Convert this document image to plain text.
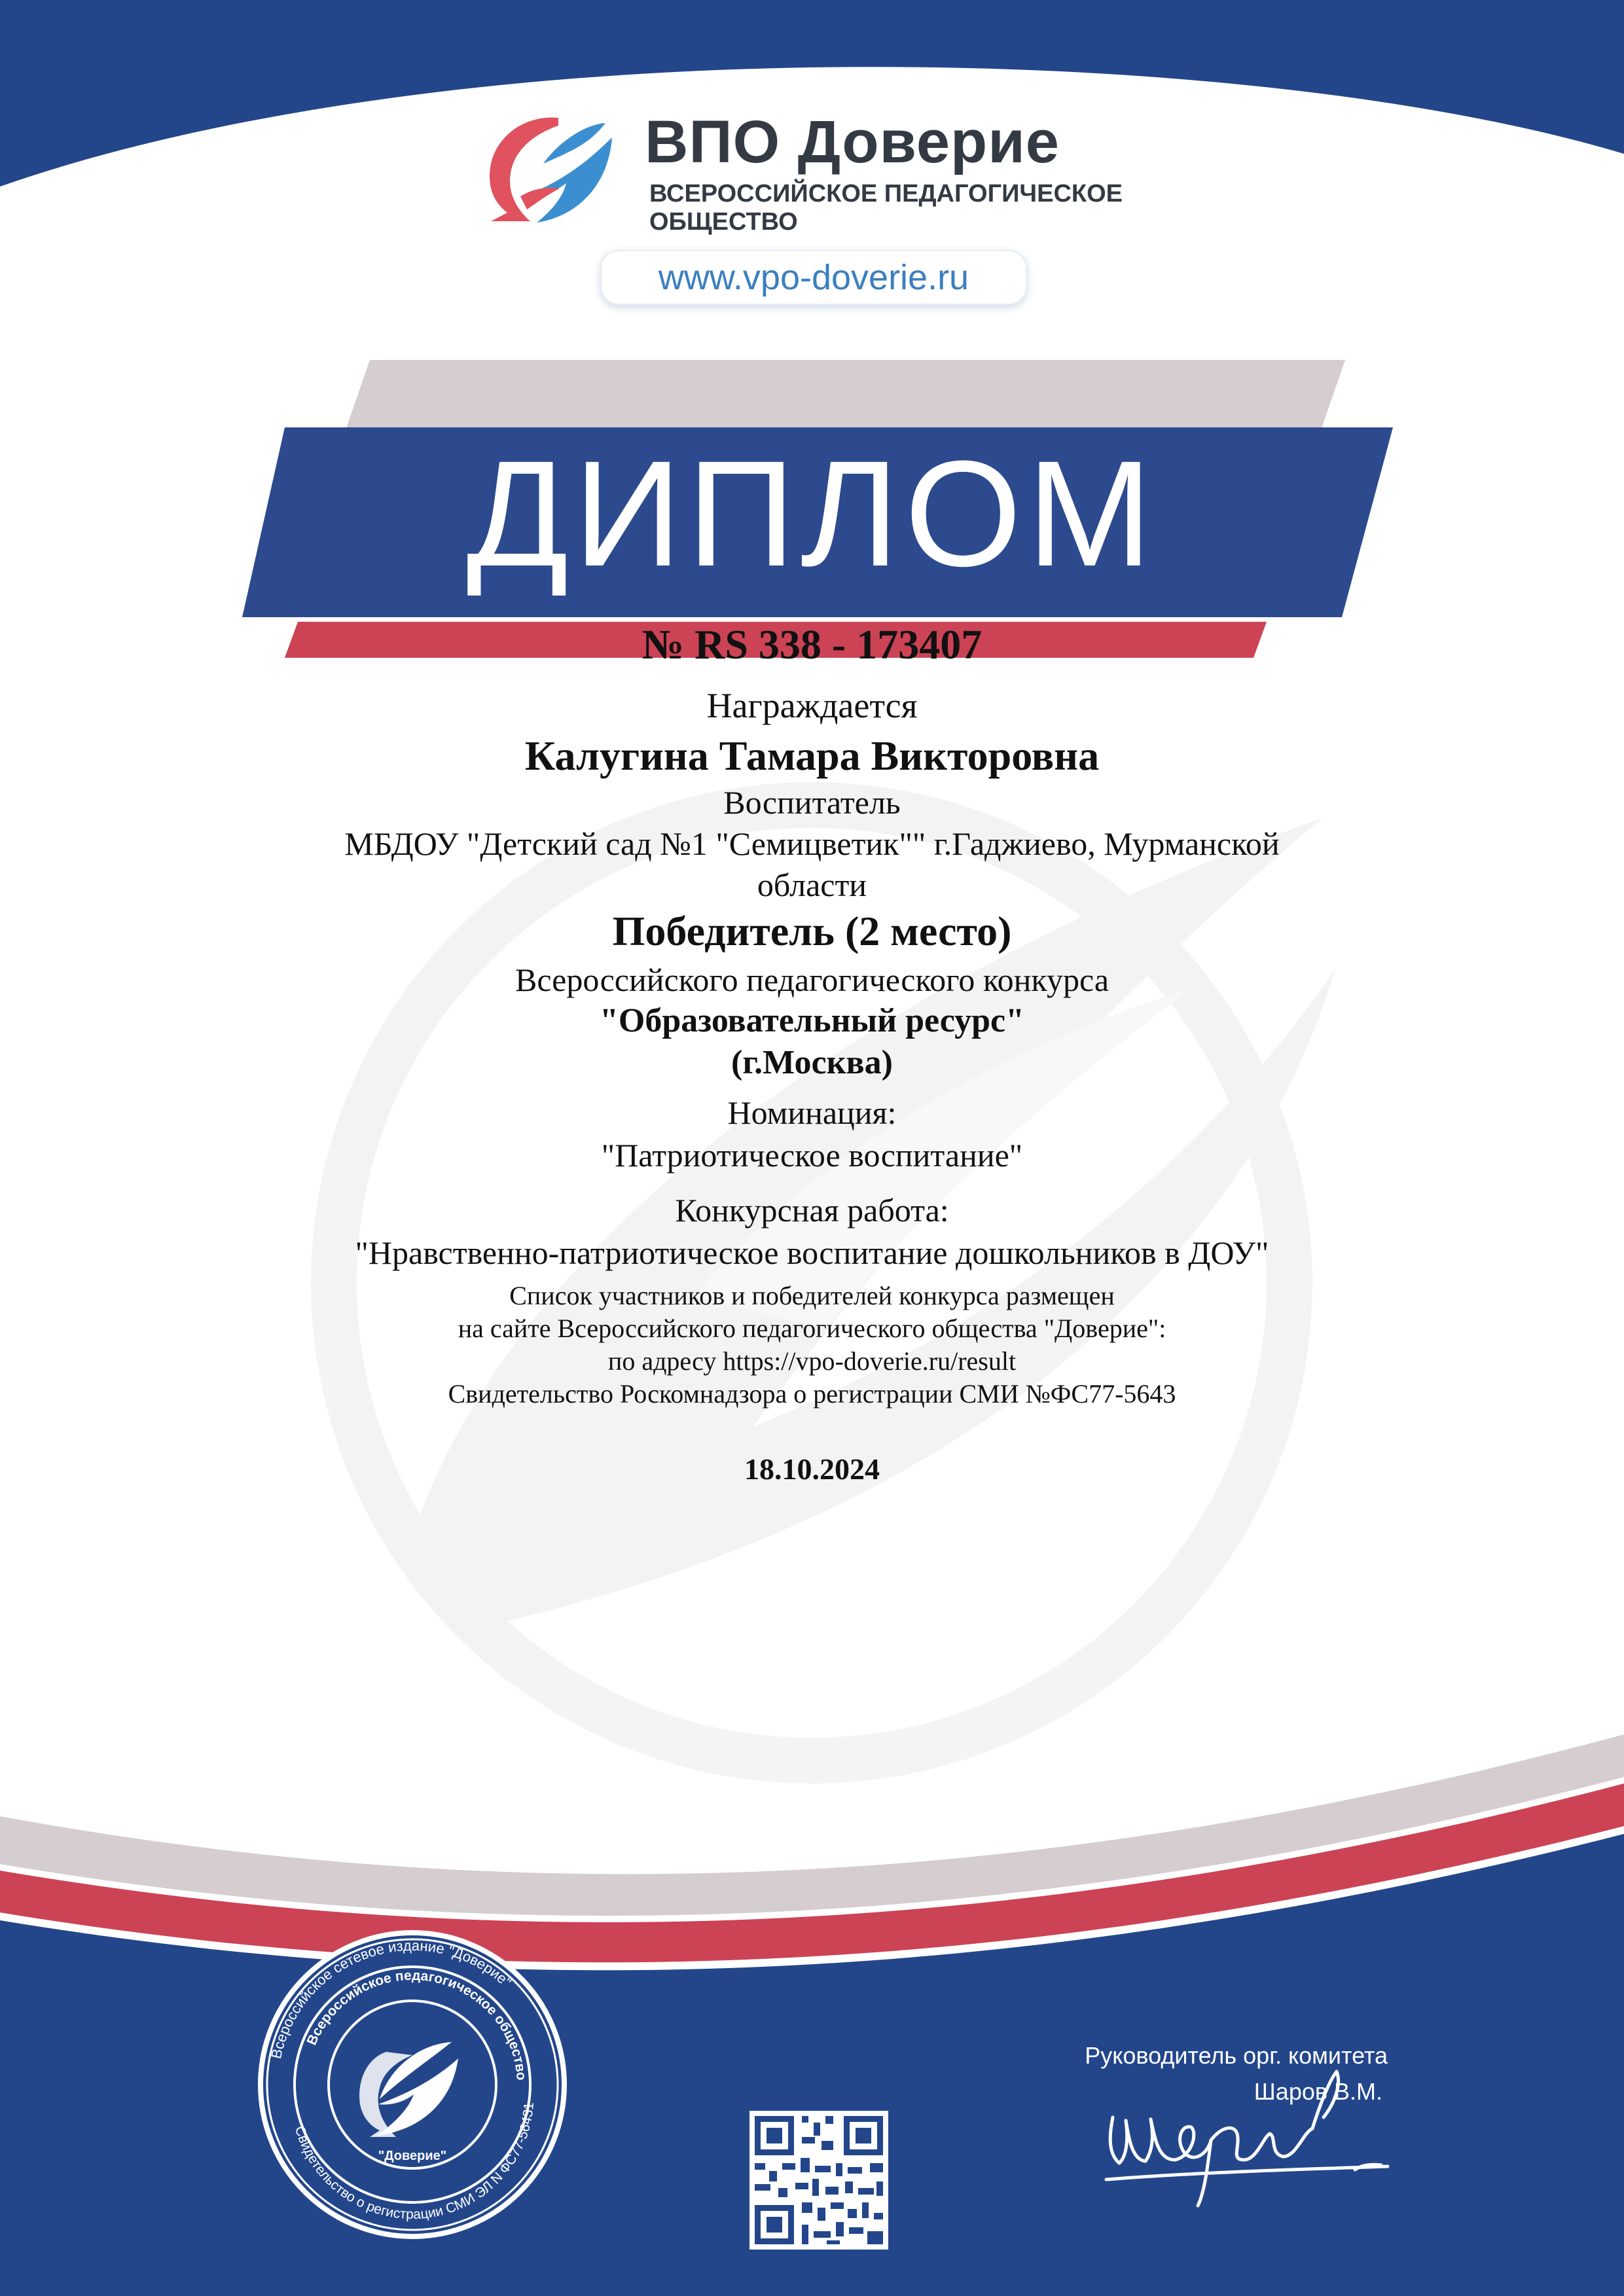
ВПО Доверие
ВСЕРОССИЙСКОЕ ПЕДАГОГИЧЕСКОЕ
ОБЩЕСТВО
www.vpo-doverie.ru
ДИПЛОМ
№ RS 338 - 173407
Награждается
Калугина Тамара Викторовна
Воспитатель
МБДОУ "Детский сад №1 "Семицветик"" г.Гаджиево, Мурманской
области
Победитель (2 место)
Всероссийского педагогического конкурса
"Образовательный ресурс"
(г.Москва)
Номинация:
"Патриотическое воспитание"
Конкурсная работа:
"Нравственно-патриотическое воспитание дошкольников в ДОУ"
Список участников и победителей конкурса размещен
на сайте Всероссийского педагогического общества "Доверие":
по адресу https://vpo-doverie.ru/result
Свидетельство Роскомнадзора о регистрации СМИ №ФС77-5643
18.10.2024
Всероссийское сетевое издание "Доверие"
Всероссийское педагогическое общество
Свидетельство о регистрации СМИ ЭЛ N ФС77-56431
"Доверие"
Руководитель орг. комитета
Шаров В.М.
